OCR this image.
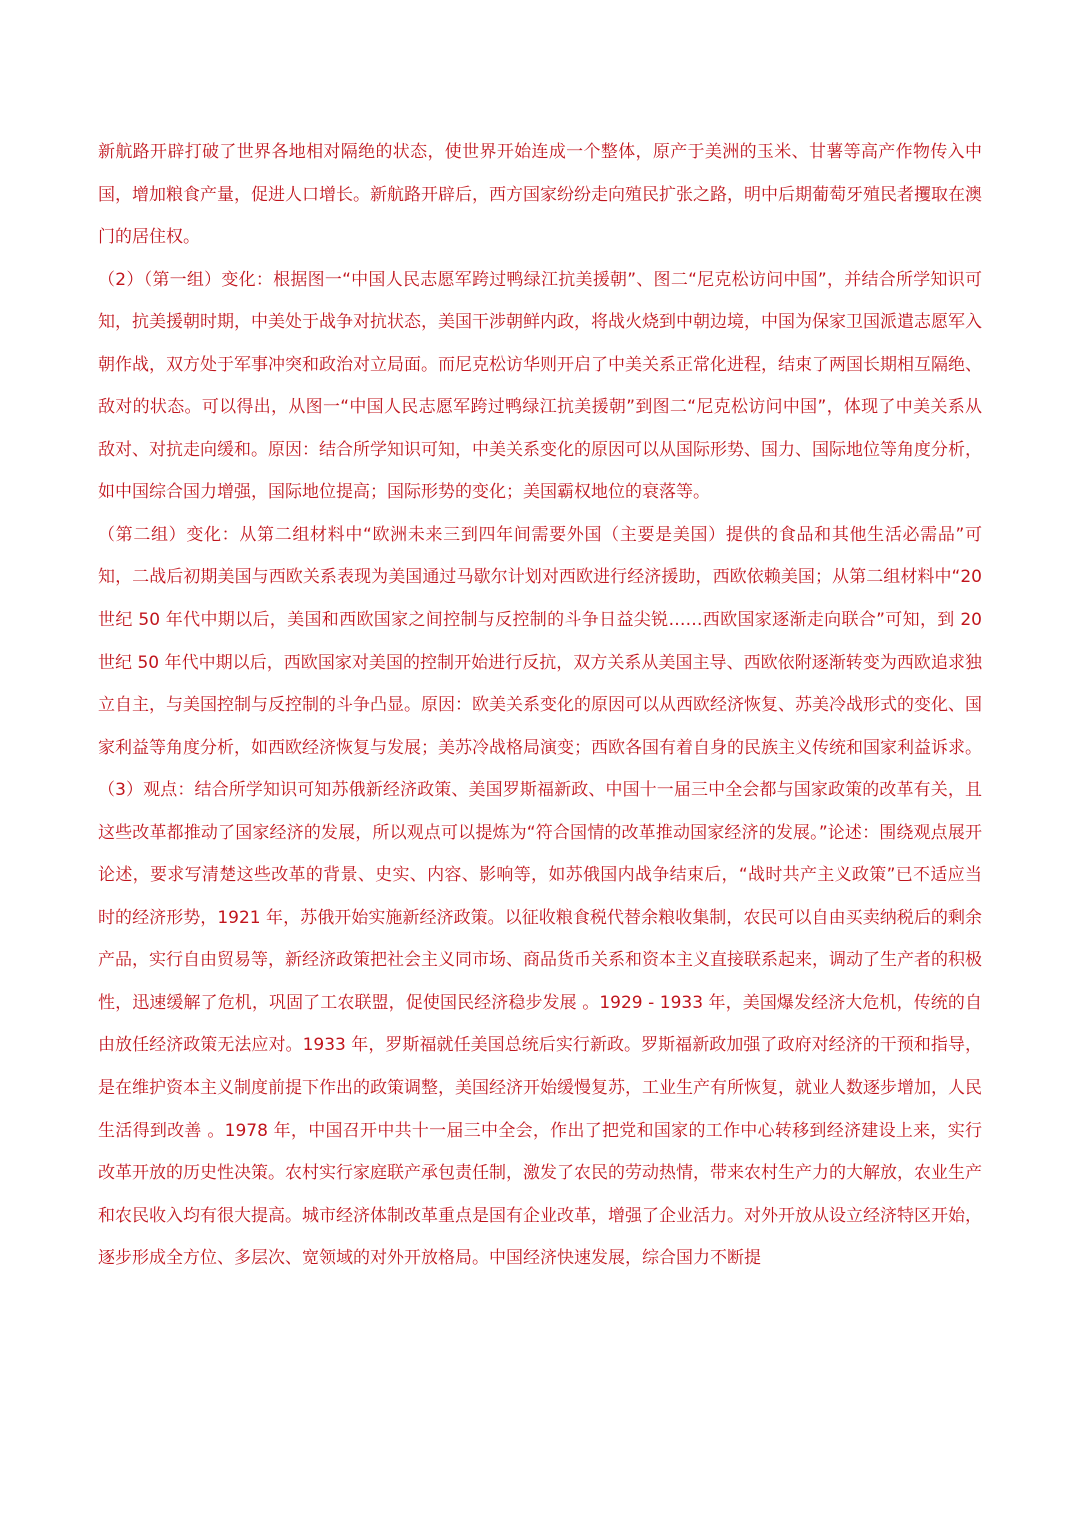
新航路开辟打破了世界各地相对隔绝的状态，使世界开始连成一个整体，原产于美洲的玉米、甘薯等高产作物传入中国，增加粮食产量，促进人口增长。新航路开辟后，西方国家纷纷走向殖民扩张之路，明中后期葡萄牙殖民者攫取在澳门的居住权。

（2）（第一组）变化：根据图一“中国人民志愿军跨过鸭绿江抗美援朝”、图二“尼克松访问中国”，并结合所学知识可知，抗美援朝时期，中美处于战争对抗状态，美国干涉朝鲜内政，将战火烧到中朝边境，中国为保家卫国派遣志愿军入朝作战，双方处于军事冲突和政治对立局面。而尼克松访华则开启了中美关系正常化进程，结束了两国长期相互隔绝、敌对的状态。可以得出，从图一“中国人民志愿军跨过鸭绿江抗美援朝”到图二“尼克松访问中国”，体现了中美关系从敌对、对抗走向缓和。原因：结合所学知识可知，中美关系变化的原因可以从国际形势、国力、国际地位等角度分析，如中国综合国力增强，国际地位提高；国际形势的变化；美国霸权地位的衰落等。

（第二组）变化：从第二组材料中“欧洲未来三到四年间需要外国（主要是美国）提供的食品和其他生活必需品”可知，二战后初期美国与西欧关系表现为美国通过马歇尔计划对西欧进行经济援助，西欧依赖美国；从第二组材料中“20 世纪 50 年代中期以后，美国和西欧国家之间控制与反控制的斗争日益尖锐……西欧国家逐渐走向联合”可知，到 20 世纪 50 年代中期以后，西欧国家对美国的控制开始进行反抗，双方关系从美国主导、西欧依附逐渐转变为西欧追求独立自主，与美国控制与反控制的斗争凸显。原因：欧美关系变化的原因可以从西欧经济恢复、苏美冷战形式的变化、国家利益等角度分析，如西欧经济恢复与发展；美苏冷战格局演变；西欧各国有着自身的民族主义传统和国家利益诉求。

（3）观点：结合所学知识可知苏俄新经济政策、美国罗斯福新政、中国十一届三中全会都与国家政策的改革有关，且这些改革都推动了国家经济的发展，所以观点可以提炼为“符合国情的改革推动国家经济的发展。”论述：围绕观点展开论述，要求写清楚这些改革的背景、史实、内容、影响等，如苏俄国内战争结束后，“战时共产主义政策”已不适应当时的经济形势，1921 年，苏俄开始实施新经济政策。以征收粮食税代替余粮收集制，农民可以自由买卖纳税后的剩余产品，实行自由贸易等，新经济政策把社会主义同市场、商品货币关系和资本主义直接联系起来，调动了生产者的积极性，迅速缓解了危机，巩固了工农联盟，促使国民经济稳步发展 。1929 - 1933 年，美国爆发经济大危机，传统的自由放任经济政策无法应对。1933 年，罗斯福就任美国总统后实行新政。罗斯福新政加强了政府对经济的干预和指导，是在维护资本主义制度前提下作出的政策调整，美国经济开始缓慢复苏，工业生产有所恢复，就业人数逐步增加，人民生活得到改善 。1978 年，中国召开中共十一届三中全会，作出了把党和国家的工作中心转移到经济建设上来，实行改革开放的历史性决策。农村实行家庭联产承包责任制，激发了农民的劳动热情，带来农村生产力的大解放，农业生产和农民收入均有很大提高。城市经济体制改革重点是国有企业改革，增强了企业活力。对外开放从设立经济特区开始，逐步形成全方位、多层次、宽领域的对外开放格局。中国经济快速发展，综合国力不断提
